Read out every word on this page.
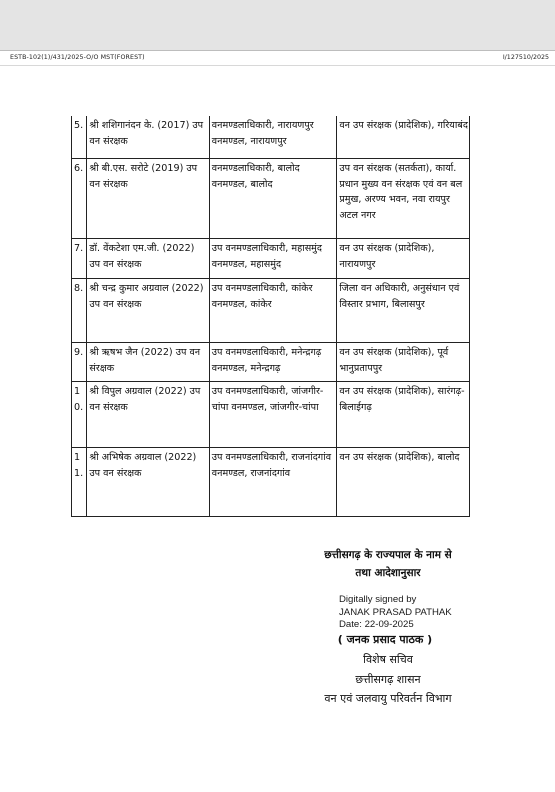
ESTB-102(1)/431/2025-O/O MST(FOREST)	I/127510/2025
5.	श्री शशिगानंदन के. (2017) उप वन संरक्षक	वनमण्डलाधिकारी, नारायणपुर वनमण्डल, नारायणपुर	वन उप संरक्षक (प्रादेशिक), गरियाबंद
6.	श्री बी.एस. सरोटे (2019) उप वन संरक्षक	वनमण्डलाधिकारी, बालोद वनमण्डल, बालोद	उप वन संरक्षक (सतर्कता), कार्या. प्रधान मुख्य वन संरक्षक एवं वन बल प्रमुख, अरण्य भवन, नवा रायपुर अटल नगर
7.	डॉ. वेंकटेशा एम.जी. (2022) उप वन संरक्षक	उप वनमण्डलाधिकारी, महासमुंद वनमण्डल, महासमुंद	वन उप संरक्षक (प्रादेशिक), नारायणपुर
8.	श्री चन्द्र कुमार अग्रवाल (2022) उप वन संरक्षक	उप वनमण्डलाधिकारी, कांकेर वनमण्डल, कांकेर	जिला वन अधिकारी, अनुसंधान एवं विस्तार प्रभाग, बिलासपुर
9.	श्री ऋषभ जैन (2022) उप वन संरक्षक	उप वनमण्डलाधिकारी, मनेन्द्रगढ़ वनमण्डल, मनेन्द्रगढ़	वन उप संरक्षक (प्रादेशिक), पूर्व भानुप्रतापपुर
10.	श्री विपुल अग्रवाल (2022) उप वन संरक्षक	उप वनमण्डलाधिकारी, जांजगीर-चांपा वनमण्डल, जांजगीर-चांपा	वन उप संरक्षक (प्रादेशिक), सारंगढ़-बिलाईगढ़
11.	श्री अभिषेक अग्रवाल (2022) उप वन संरक्षक	उप वनमण्डलाधिकारी, राजनांदगांव वनमण्डल, राजनांदगांव	वन उप संरक्षक (प्रादेशिक), बालोद
छत्तीसगढ़ के राज्यपाल के नाम से
तथा आदेशानुसार
Digitally signed by
JANAK PRASAD PATHAK
Date: 22-09-2025
( जनक प्रसाद पाठक )
विशेष सचिव
छत्तीसगढ़ शासन
वन एवं जलवायु परिवर्तन विभाग
